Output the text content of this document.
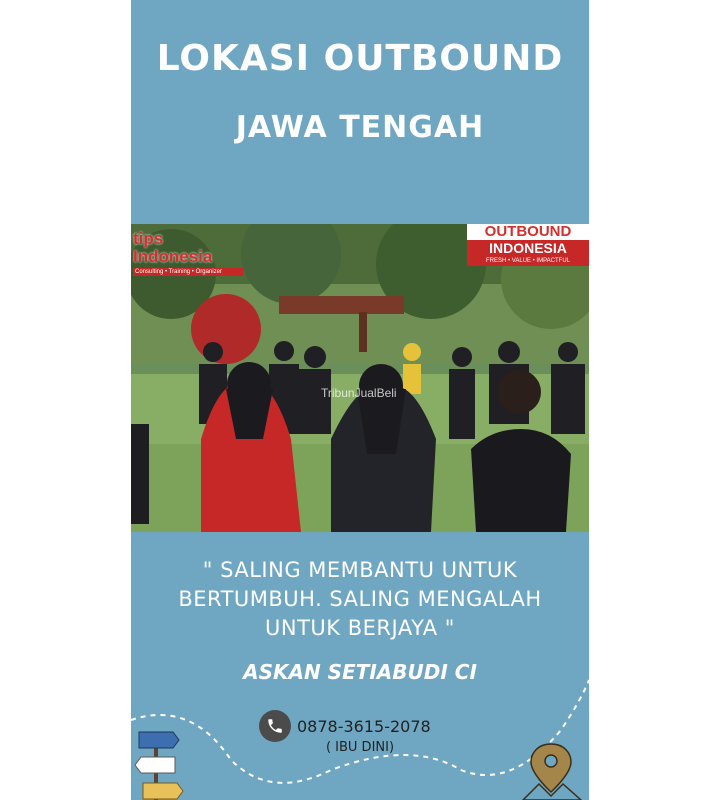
LOKASI OUTBOUND
JAWA TENGAH
tips Indonesia
Consulting • Training • Organizer
OUTBOUND
INDONESIA
FRESH • VALUE • IMPACTFUL
TribunJualBeli
" SALING MEMBANTU UNTUK BERTUMBUH. SALING MENGALAH UNTUK BERJAYA "
ASKAN SETIABUDI CI
0878-3615-2078
( IBU DINI)
